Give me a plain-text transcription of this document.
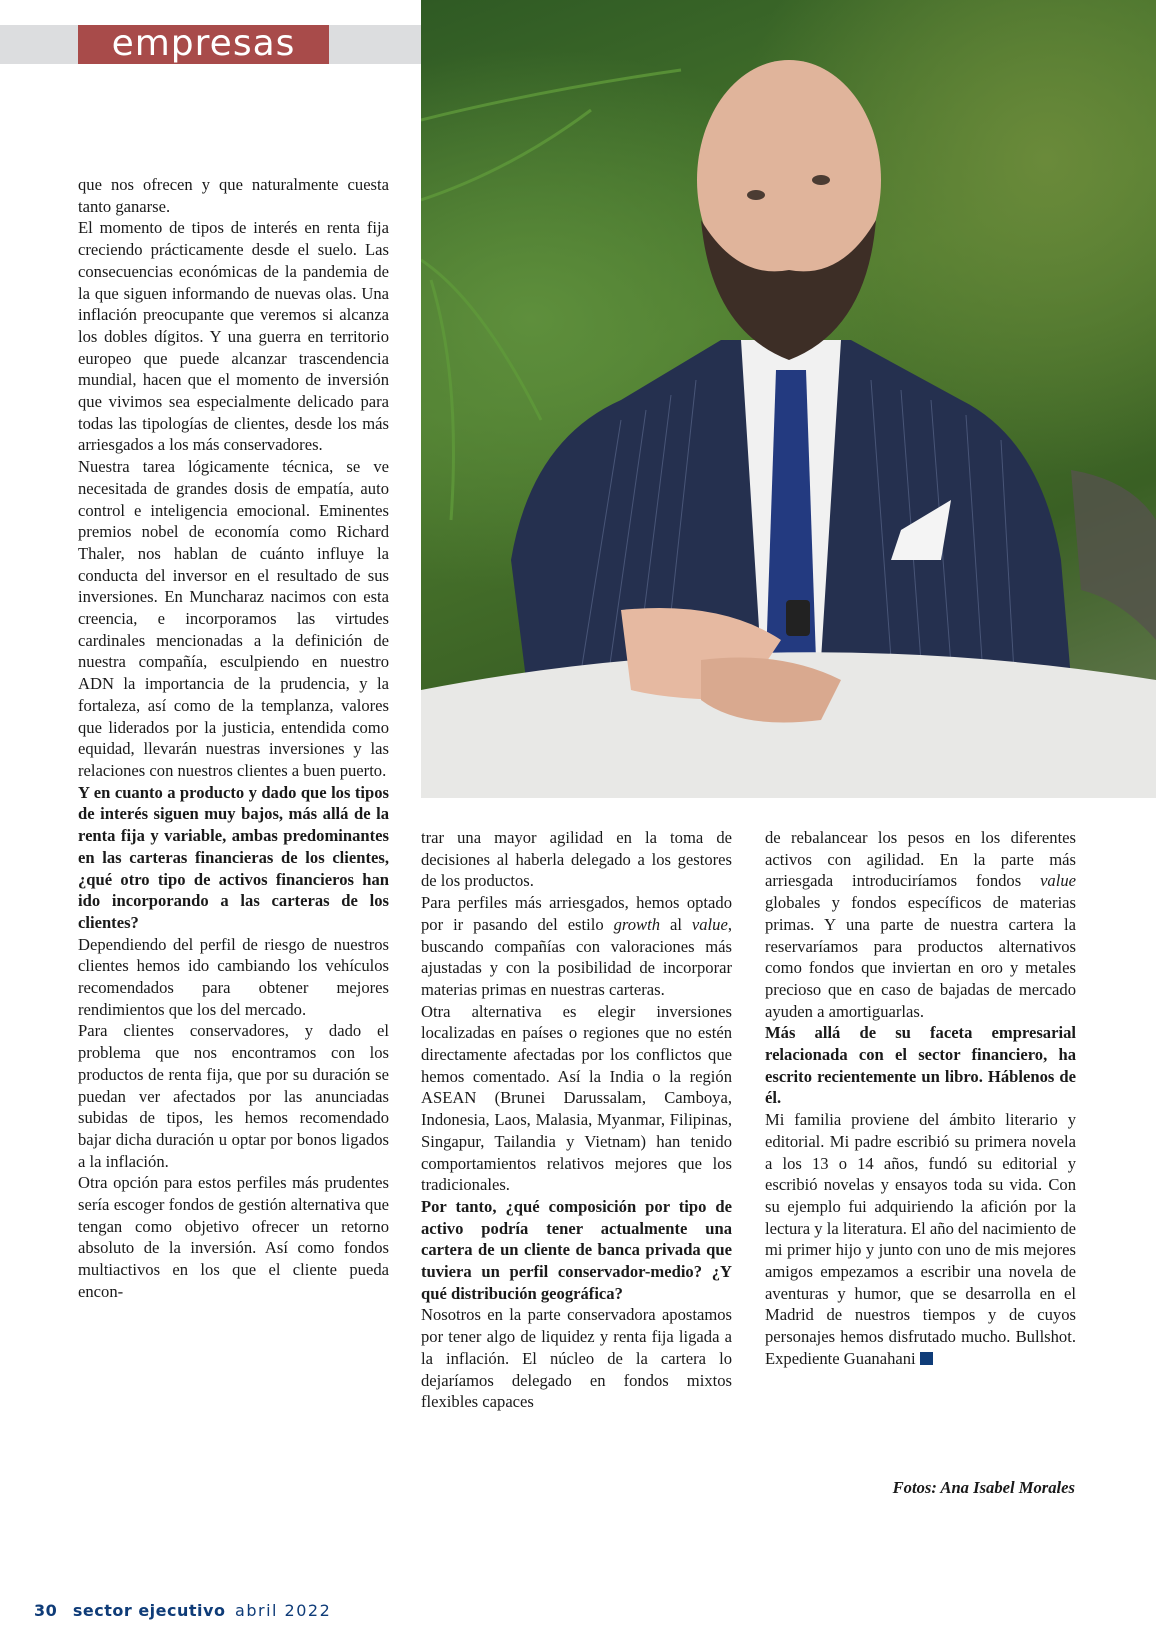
empresas

que nos ofrecen y que naturalmente cuesta tanto ganarse.

El momento de tipos de interés en renta fija creciendo prácticamente desde el suelo. Las consecuencias económicas de la pandemia de la que siguen informando de nuevas olas. Una inflación preocupante que veremos si alcanza los dobles dígitos. Y una guerra en territorio europeo que puede alcanzar trascendencia mundial, hacen que el momento de inversión que vivimos sea especialmente delicado para todas las tipologías de clientes, desde los más arriesgados a los más conservadores.

Nuestra tarea lógicamente técnica, se ve necesitada de grandes dosis de empatía, auto control e inteligencia emocional. Eminentes premios nobel de economía como Richard Thaler, nos hablan de cuánto influye la conducta del inversor en el resultado de sus inversiones. En Muncharaz nacimos con esta creencia, e incorporamos las virtudes cardinales mencionadas a la definición de nuestra compañía, esculpiendo en nuestro ADN la importancia de la prudencia, y la fortaleza, así como de la templanza, valores que liderados por la justicia, entendida como equidad, llevarán nuestras inversiones y las relaciones con nuestros clientes a buen puerto.

Y en cuanto a producto y dado que los tipos de interés siguen muy bajos, más allá de la renta fija y variable, ambas predominantes en las carteras financieras de los clientes, ¿qué otro tipo de activos financieros han ido incorporando a las carteras de los clientes?

Dependiendo del perfil de riesgo de nuestros clientes hemos ido cambiando los vehículos recomendados para obtener mejores rendimientos que los del mercado.

Para clientes conservadores, y dado el problema que nos encontramos con los productos de renta fija, que por su duración se puedan ver afectados por las anunciadas subidas de tipos, les hemos recomendado bajar dicha duración u optar por bonos ligados a la inflación.

Otra opción para estos perfiles más prudentes sería escoger fondos de gestión alternativa que tengan como objetivo ofrecer un retorno absoluto de la inversión. Así como fondos multiactivos en los que el cliente pueda encon-

trar una mayor agilidad en la toma de decisiones al haberla delegado a los gestores de los productos.

Para perfiles más arriesgados, hemos optado por ir pasando del estilo growth al value, buscando compañías con valoraciones más ajustadas y con la posibilidad de incorporar materias primas en nuestras carteras.

Otra alternativa es elegir inversiones localizadas en países o regiones que no estén directamente afectadas por los conflictos que hemos comentado. Así la India o la región ASEAN (Brunei Darussalam, Camboya, Indonesia, Laos, Malasia, Myanmar, Filipinas, Singapur, Tailandia y Vietnam) han tenido comportamientos relativos mejores que los tradicionales.

Por tanto, ¿qué composición por tipo de activo podría tener actualmente una cartera de un cliente de banca privada que tuviera un perfil conservador-medio? ¿Y qué distribución geográfica?

Nosotros en la parte conservadora apostamos por tener algo de liquidez y renta fija ligada a la inflación. El núcleo de la cartera lo dejaríamos delegado en fondos mixtos flexibles capaces

de rebalancear los pesos en los diferentes activos con agilidad. En la parte más arriesgada introduciríamos fondos value globales y fondos específicos de materias primas. Y una parte de nuestra cartera la reservaríamos para productos alternativos como fondos que inviertan en oro y metales precioso que en caso de bajadas de mercado ayuden a amortiguarlas.

Más allá de su faceta empresarial relacionada con el sector financiero, ha escrito recientemente un libro. Háblenos de él.

Mi familia proviene del ámbito literario y editorial. Mi padre escribió su primera novela a los 13 o 14 años, fundó su editorial y escribió novelas y ensayos toda su vida. Con su ejemplo fui adquiriendo la afición por la lectura y la literatura. El año del nacimiento de mi primer hijo y junto con uno de mis mejores amigos empezamos a escribir una novela de aventuras y humor, que se desarrolla en el Madrid de nuestros tiempos y de cuyos personajes hemos disfrutado mucho. Bullshot. Expediente Guanahani

Fotos: Ana Isabel Morales
30 sector ejecutivo abril 2022
